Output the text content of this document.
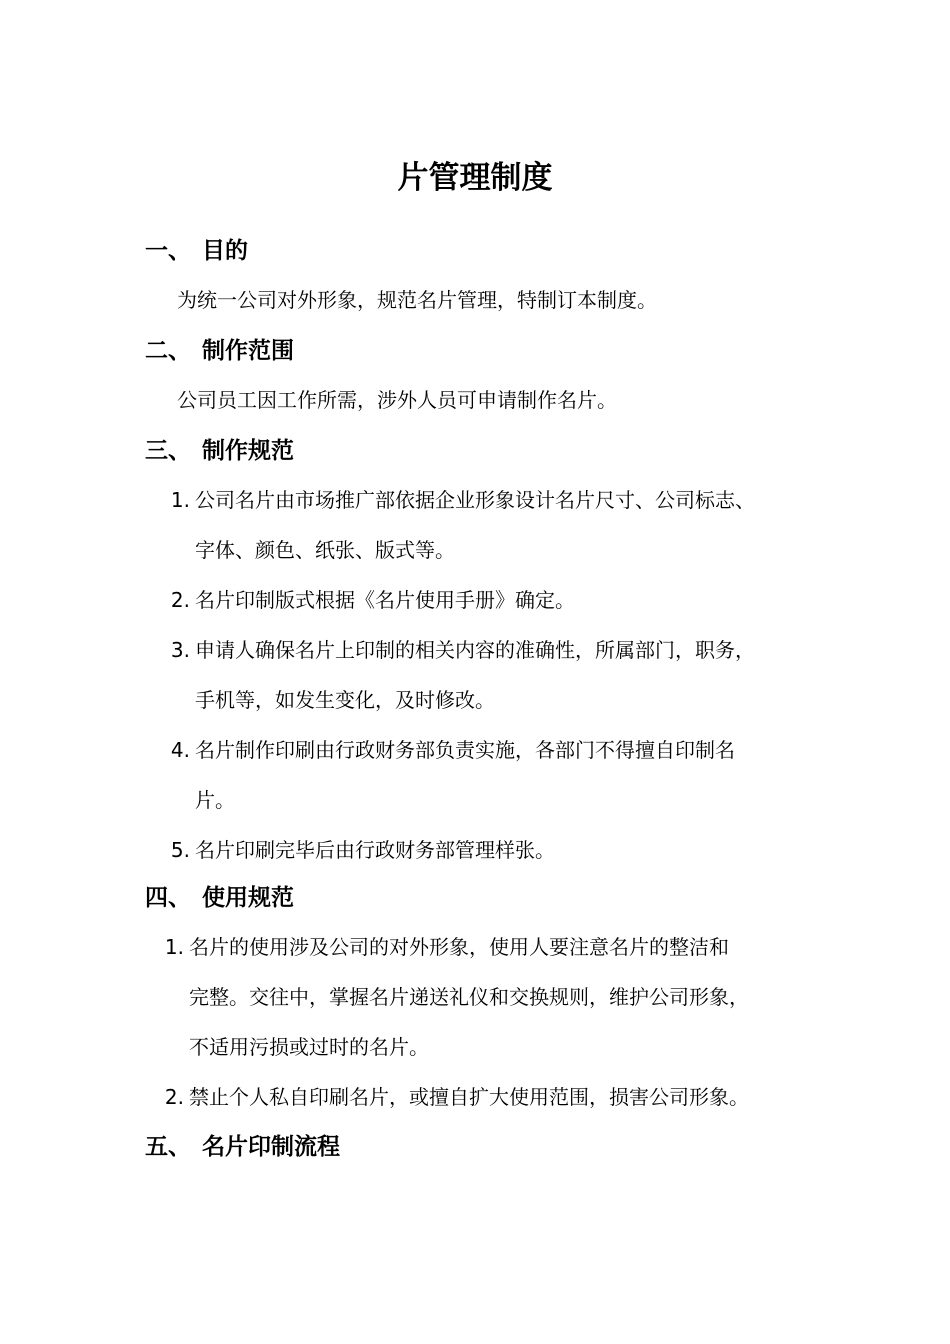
片管理制度
一、 目的
为统一公司对外形象，规范名片管理，特制订本制度。
二、 制作范围
公司员工因工作所需，涉外人员可申请制作名片。
三、 制作规范
1. 公司名片由市场推广部依据企业形象设计名片尺寸、公司标志、
字体、颜色、纸张、版式等。
2. 名片印制版式根据《名片使用手册》确定。
3. 申请人确保名片上印制的相关内容的准确性，所属部门，职务，
手机等，如发生变化，及时修改。
4. 名片制作印刷由行政财务部负责实施，各部门不得擅自印制名
片。
5. 名片印刷完毕后由行政财务部管理样张。
四、 使用规范
1. 名片的使用涉及公司的对外形象，使用人要注意名片的整洁和
完整。交往中，掌握名片递送礼仪和交换规则，维护公司形象，
不适用污损或过时的名片。
2. 禁止个人私自印刷名片，或擅自扩大使用范围，损害公司形象。
五、 名片印制流程
